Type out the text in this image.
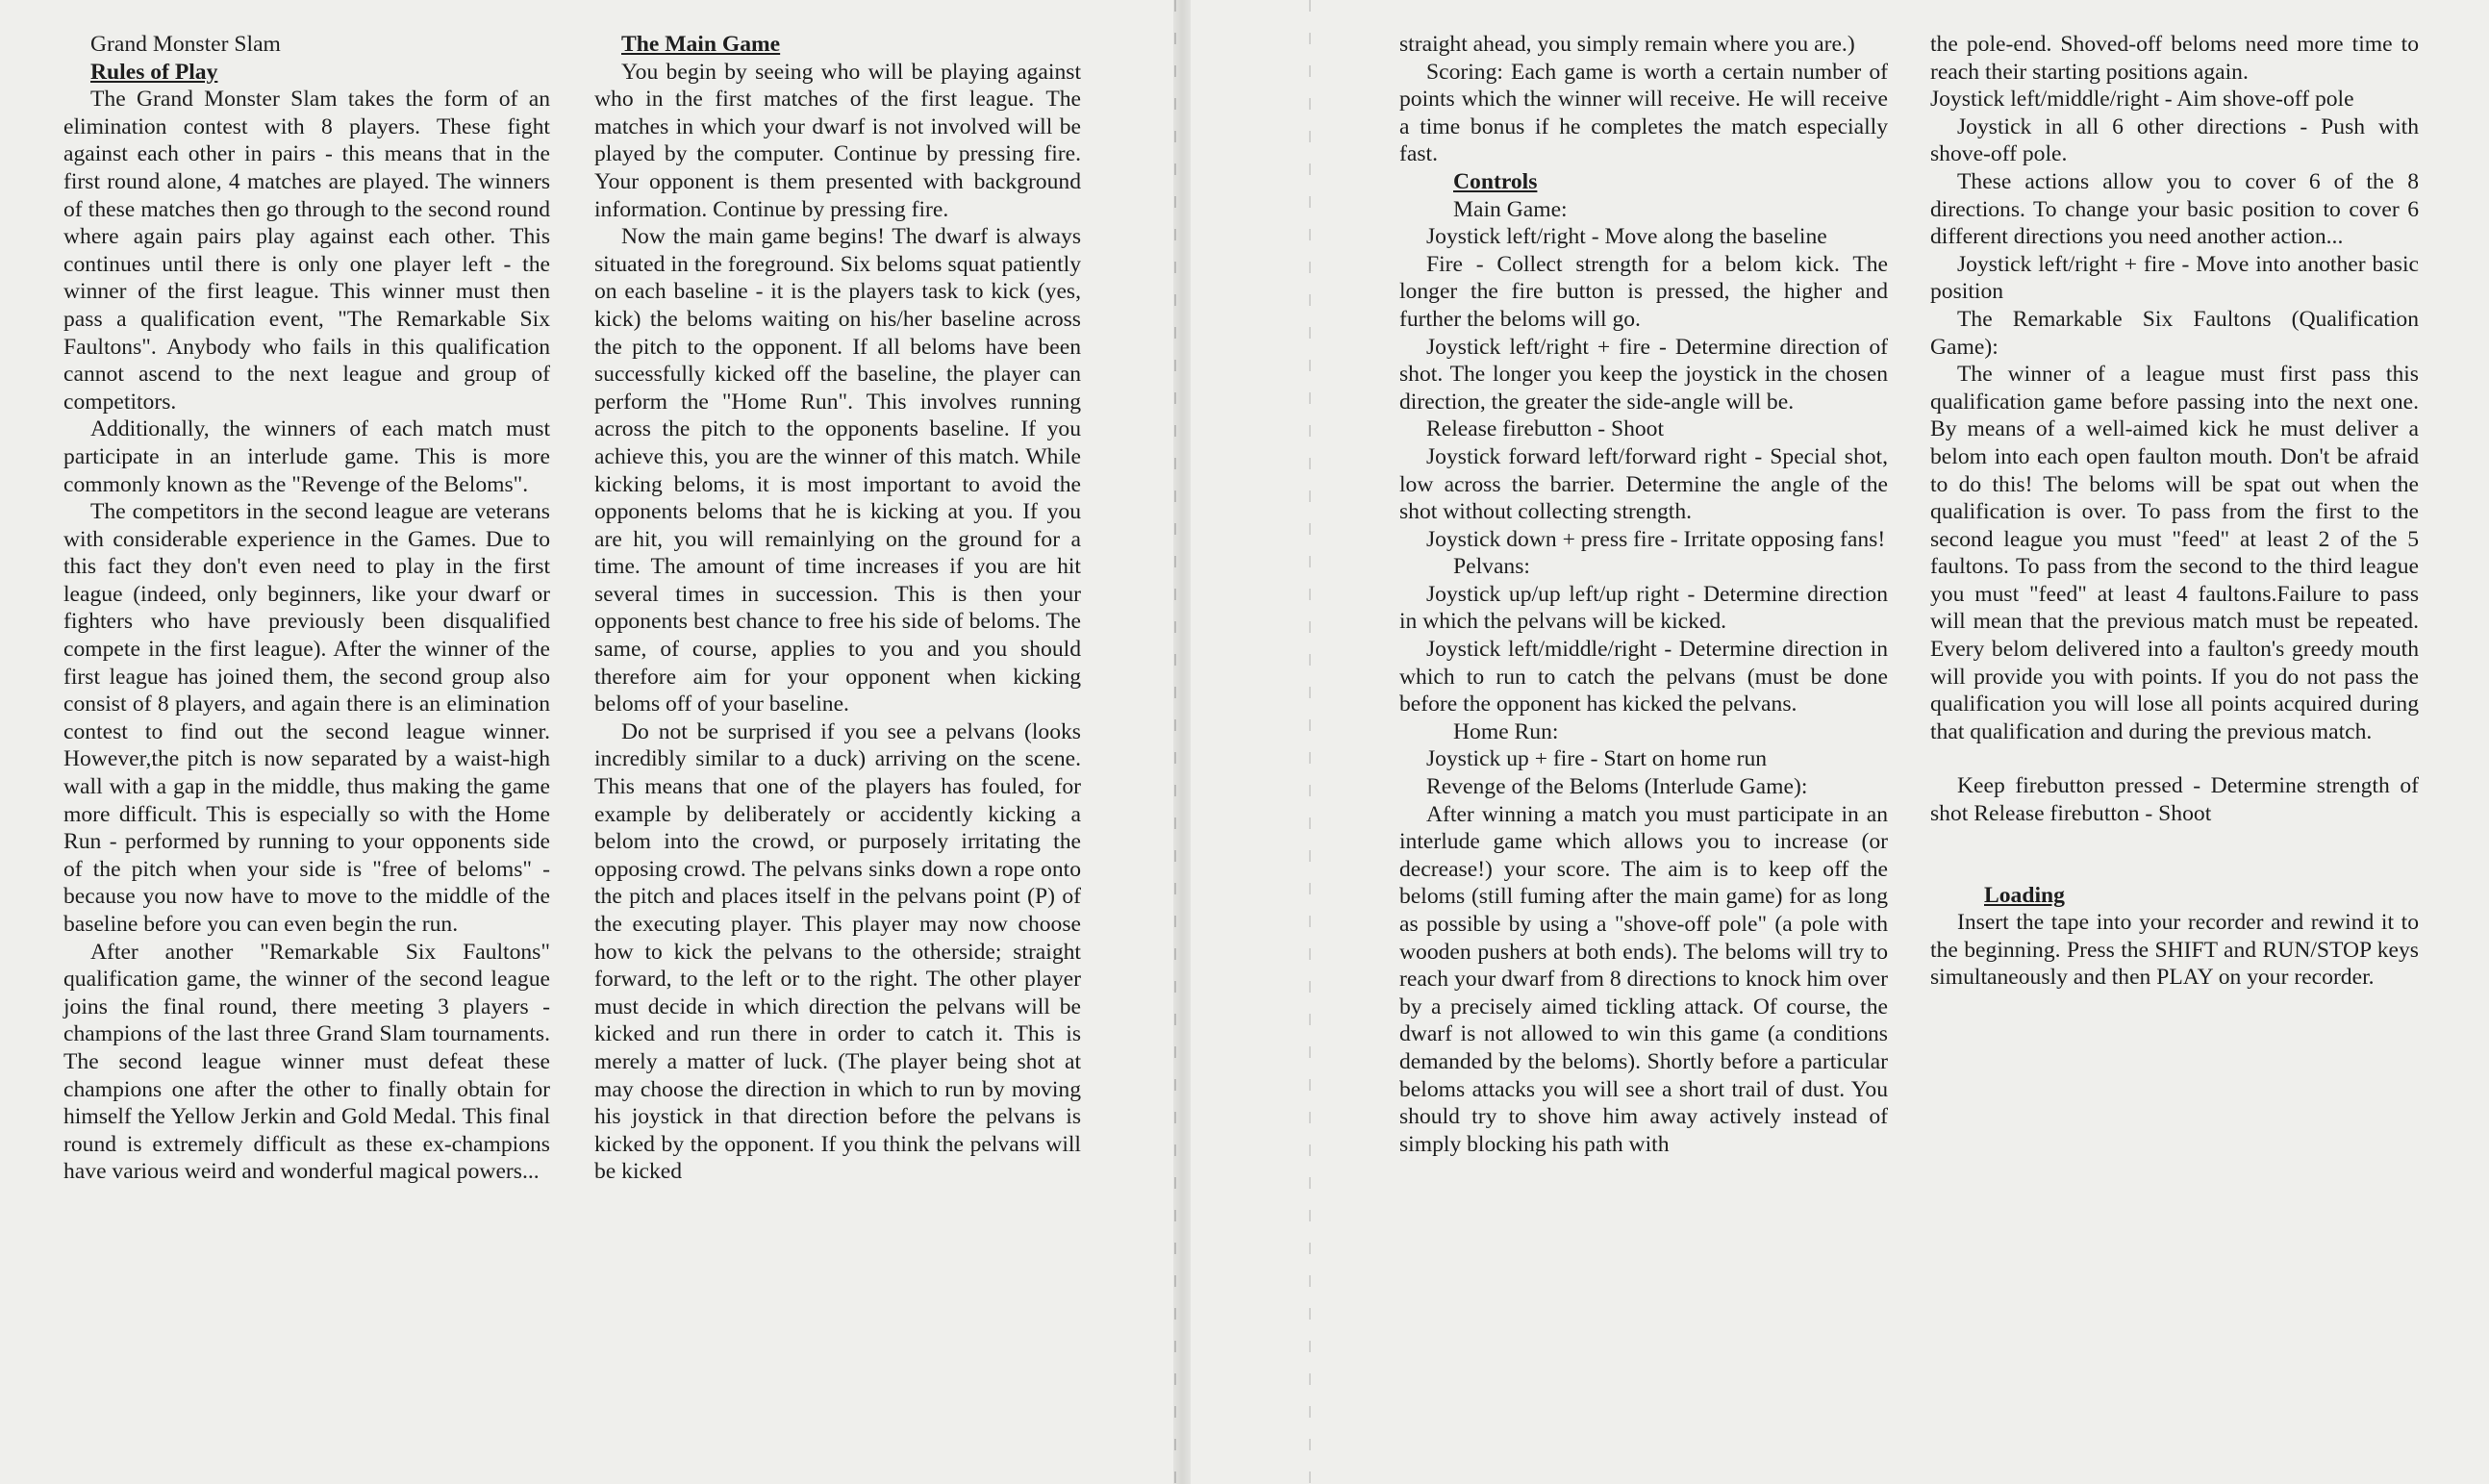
Grand Monster Slam

Rules of Play

The Grand Monster Slam takes the form of an elimination contest with 8 players. These fight against each other in pairs - this means that in the first round alone, 4 matches are played. The winners of these matches then go through to the second round where again pairs play against each other. This continues until there is only one player left - the winner of the first league. This winner must then pass a qualification event, "The Remarkable Six Faultons". Anybody who fails in this qualification cannot ascend to the next league and group of competitors.

Additionally, the winners of each match must participate in an interlude game. This is more commonly known as the "Revenge of the Beloms".

The competitors in the second league are veterans with considerable experience in the Games. Due to this fact they don't even need to play in the first league (indeed, only beginners, like your dwarf or fighters who have previously been disqualified compete in the first league). After the winner of the first league has joined them, the second group also consist of 8 players, and again there is an elimination contest to find out the second league winner. However,the pitch is now separated by a waist-high wall with a gap in the middle, thus making the game more difficult. This is especially so with the Home Run - performed by running to your opponents side of the pitch when your side is "free of beloms" - because you now have to move to the middle of the baseline before you can even begin the run.

After another "Remarkable Six Faultons" qualification game, the winner of the second league joins the final round, there meeting 3 players - champions of the last three Grand Slam tournaments. The second league winner must defeat these champions one after the other to finally obtain for himself the Yellow Jerkin and Gold Medal. This final round is extremely difficult as these ex-champions have various weird and wonderful magical powers...

The Main Game

You begin by seeing who will be playing against who in the first matches of the first league. The matches in which your dwarf is not involved will be played by the computer. Continue by pressing fire. Your opponent is them presented with background information. Continue by pressing fire.

Now the main game begins! The dwarf is always situated in the foreground. Six beloms squat patiently on each baseline - it is the players task to kick (yes, kick) the beloms waiting on his/her baseline across the pitch to the opponent. If all beloms have been successfully kicked off the baseline, the player can perform the "Home Run". This involves running across the pitch to the opponents baseline. If you achieve this, you are the winner of this match. While kicking beloms, it is most important to avoid the opponents beloms that he is kicking at you. If you are hit, you will remainlying on the ground for a time. The amount of time increases if you are hit several times in succession. This is then your opponents best chance to free his side of beloms. The same, of course, applies to you and you should therefore aim for your opponent when kicking beloms off of your baseline.

Do not be surprised if you see a pelvans (looks incredibly similar to a duck) arriving on the scene. This means that one of the players has fouled, for example by deliberately or accidently kicking a belom into the crowd, or purposely irritating the opposing crowd. The pelvans sinks down a rope onto the pitch and places itself in the pelvans point (P) of the executing player. This player may now choose how to kick the pelvans to the otherside; straight forward, to the left or to the right. The other player must decide in which direction the pelvans will be kicked and run there in order to catch it. This is merely a matter of luck. (The player being shot at may choose the direction in which to run by moving his joystick in that direction before the pelvans is kicked by the opponent. If you think the pelvans will be kicked

straight ahead, you simply remain where you are.)

Scoring: Each game is worth a certain number of points which the winner will receive. He will receive a time bonus if he completes the match especially fast.

Controls

Main Game:

Joystick left/right - Move along the baseline

Fire - Collect strength for a belom kick. The longer the fire button is pressed, the higher and further the beloms will go.

Joystick left/right + fire - Determine direction of shot. The longer you keep the joystick in the chosen direction, the greater the side-angle will be.

Release firebutton - Shoot

Joystick forward left/forward right - Special shot, low across the barrier. Determine the angle of the shot without collecting strength.

Joystick down + press fire - Irritate opposing fans!

Pelvans:

Joystick up/up left/up right - Determine direction in which the pelvans will be kicked.

Joystick left/middle/right - Determine direction in which to run to catch the pelvans (must be done before the opponent has kicked the pelvans.

Home Run:

Joystick up + fire - Start on home run

Revenge of the Beloms (Interlude Game):

After winning a match you must participate in an interlude game which allows you to increase (or decrease!) your score. The aim is to keep off the beloms (still fuming after the main game) for as long as possible by using a "shove-off pole" (a pole with wooden pushers at both ends). The beloms will try to reach your dwarf from 8 directions to knock him over by a precisely aimed tickling attack. Of course, the dwarf is not allowed to win this game (a conditions demanded by the beloms). Shortly before a particular beloms attacks you will see a short trail of dust. You should try to shove him away actively instead of simply blocking his path with

the pole-end. Shoved-off beloms need more time to reach their starting positions again.

Joystick left/middle/right - Aim shove-off pole

Joystick in all 6 other directions - Push with shove-off pole.

These actions allow you to cover 6 of the 8 directions. To change your basic position to cover 6 different directions you need another action...

Joystick left/right + fire - Move into another basic position

The Remarkable Six Faultons (Qualification Game):

The winner of a league must first pass this qualification game before passing into the next one. By means of a well-aimed kick he must deliver a belom into each open faulton mouth. Don't be afraid to do this! The beloms will be spat out when the qualification is over. To pass from the first to the second league you must "feed" at least 2 of the 5 faultons. To pass from the second to the third league you must "feed" at least 4 faultons.Failure to pass will mean that the previous match must be repeated. Every belom delivered into a faulton's greedy mouth will provide you with points. If you do not pass the qualification you will lose all points acquired during that qualification and during the previous match.

Keep firebutton pressed - Determine strength of shot Release firebutton - Shoot

Loading

Insert the tape into your recorder and rewind it to the beginning. Press the SHIFT and RUN/STOP keys simultaneously and then PLAY on your recorder.
